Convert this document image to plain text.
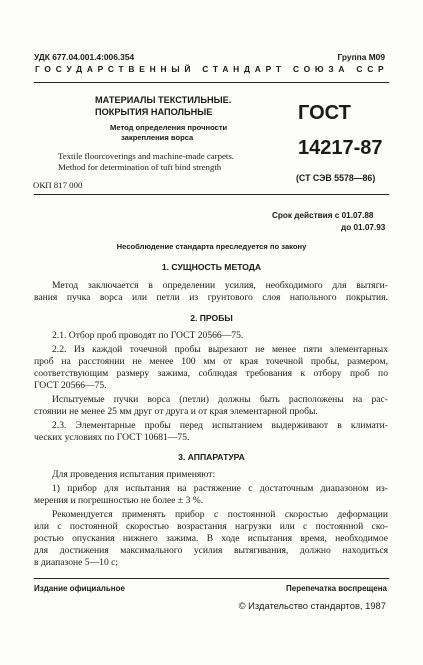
УДК 677.04.001.4:006.354	Группа М09
ГОСУДАРСТВЕННЫЙ СТАНДАРТ СОЮЗА ССР
МАТЕРИАЛЫ ТЕКСТИЛЬНЫЕ.
ПОКРЫТИЯ НАПОЛЬНЫЕ
Метод определения прочности
закрепления ворса
Textile floorcoverings and machine-made carpets.
Method for determination of tuft bind strength
ОКП 817 000
ГОСТ
14217-87
(СТ СЭВ 5578—86)
Срок действия с 01.07.88
до 01.07.93
Несоблюдение стандарта преследуется по закону
1. СУЩНОСТЬ МЕТОДА
Метод заключается в определении усилия, необходимого для вытяги-
вания пучка ворса или петли из грунтового слоя напольного покрытия.
2. ПРОБЫ
2.1. Отбор проб проводят по ГОСТ 20566—75.
2.2. Из каждой точечной пробы вырезают не менее пяти элементарных
проб на расстоянии не менее 100 мм от края точечной пробы, размером,
соответствующим размеру зажима, соблюдая требования к отбору проб по
ГОСТ 20566—75.
Испытуемые пучки ворса (петли) должны быть расположены на рас-
стоянии не менее 25 мм друг от друга и от края элементарной пробы.
2.3. Элементарные пробы перед испытанием выдерживают в климати-
ческих условиях по ГОСТ 10681—75.
3. АППАРАТУРА
Для проведения испытания применяют:
1) прибор для испытания на растяжение с достаточным диапазоном из-
мерения и погрешностью не более ± 3 %.
Рекомендуется применять прибор с постоянной скоростью деформации
или с постоянной скоростью возрастания нагрузки или с постоянной ско-
ростью опускания нижнего зажима. В ходе испытания время, необходимое
для достижения максимального усилия вытягивания, должно находиться
в диапазоне 5—10 с;
Издание официальное	Перепечатка воспрещена
© Издательство стандартов, 1987
